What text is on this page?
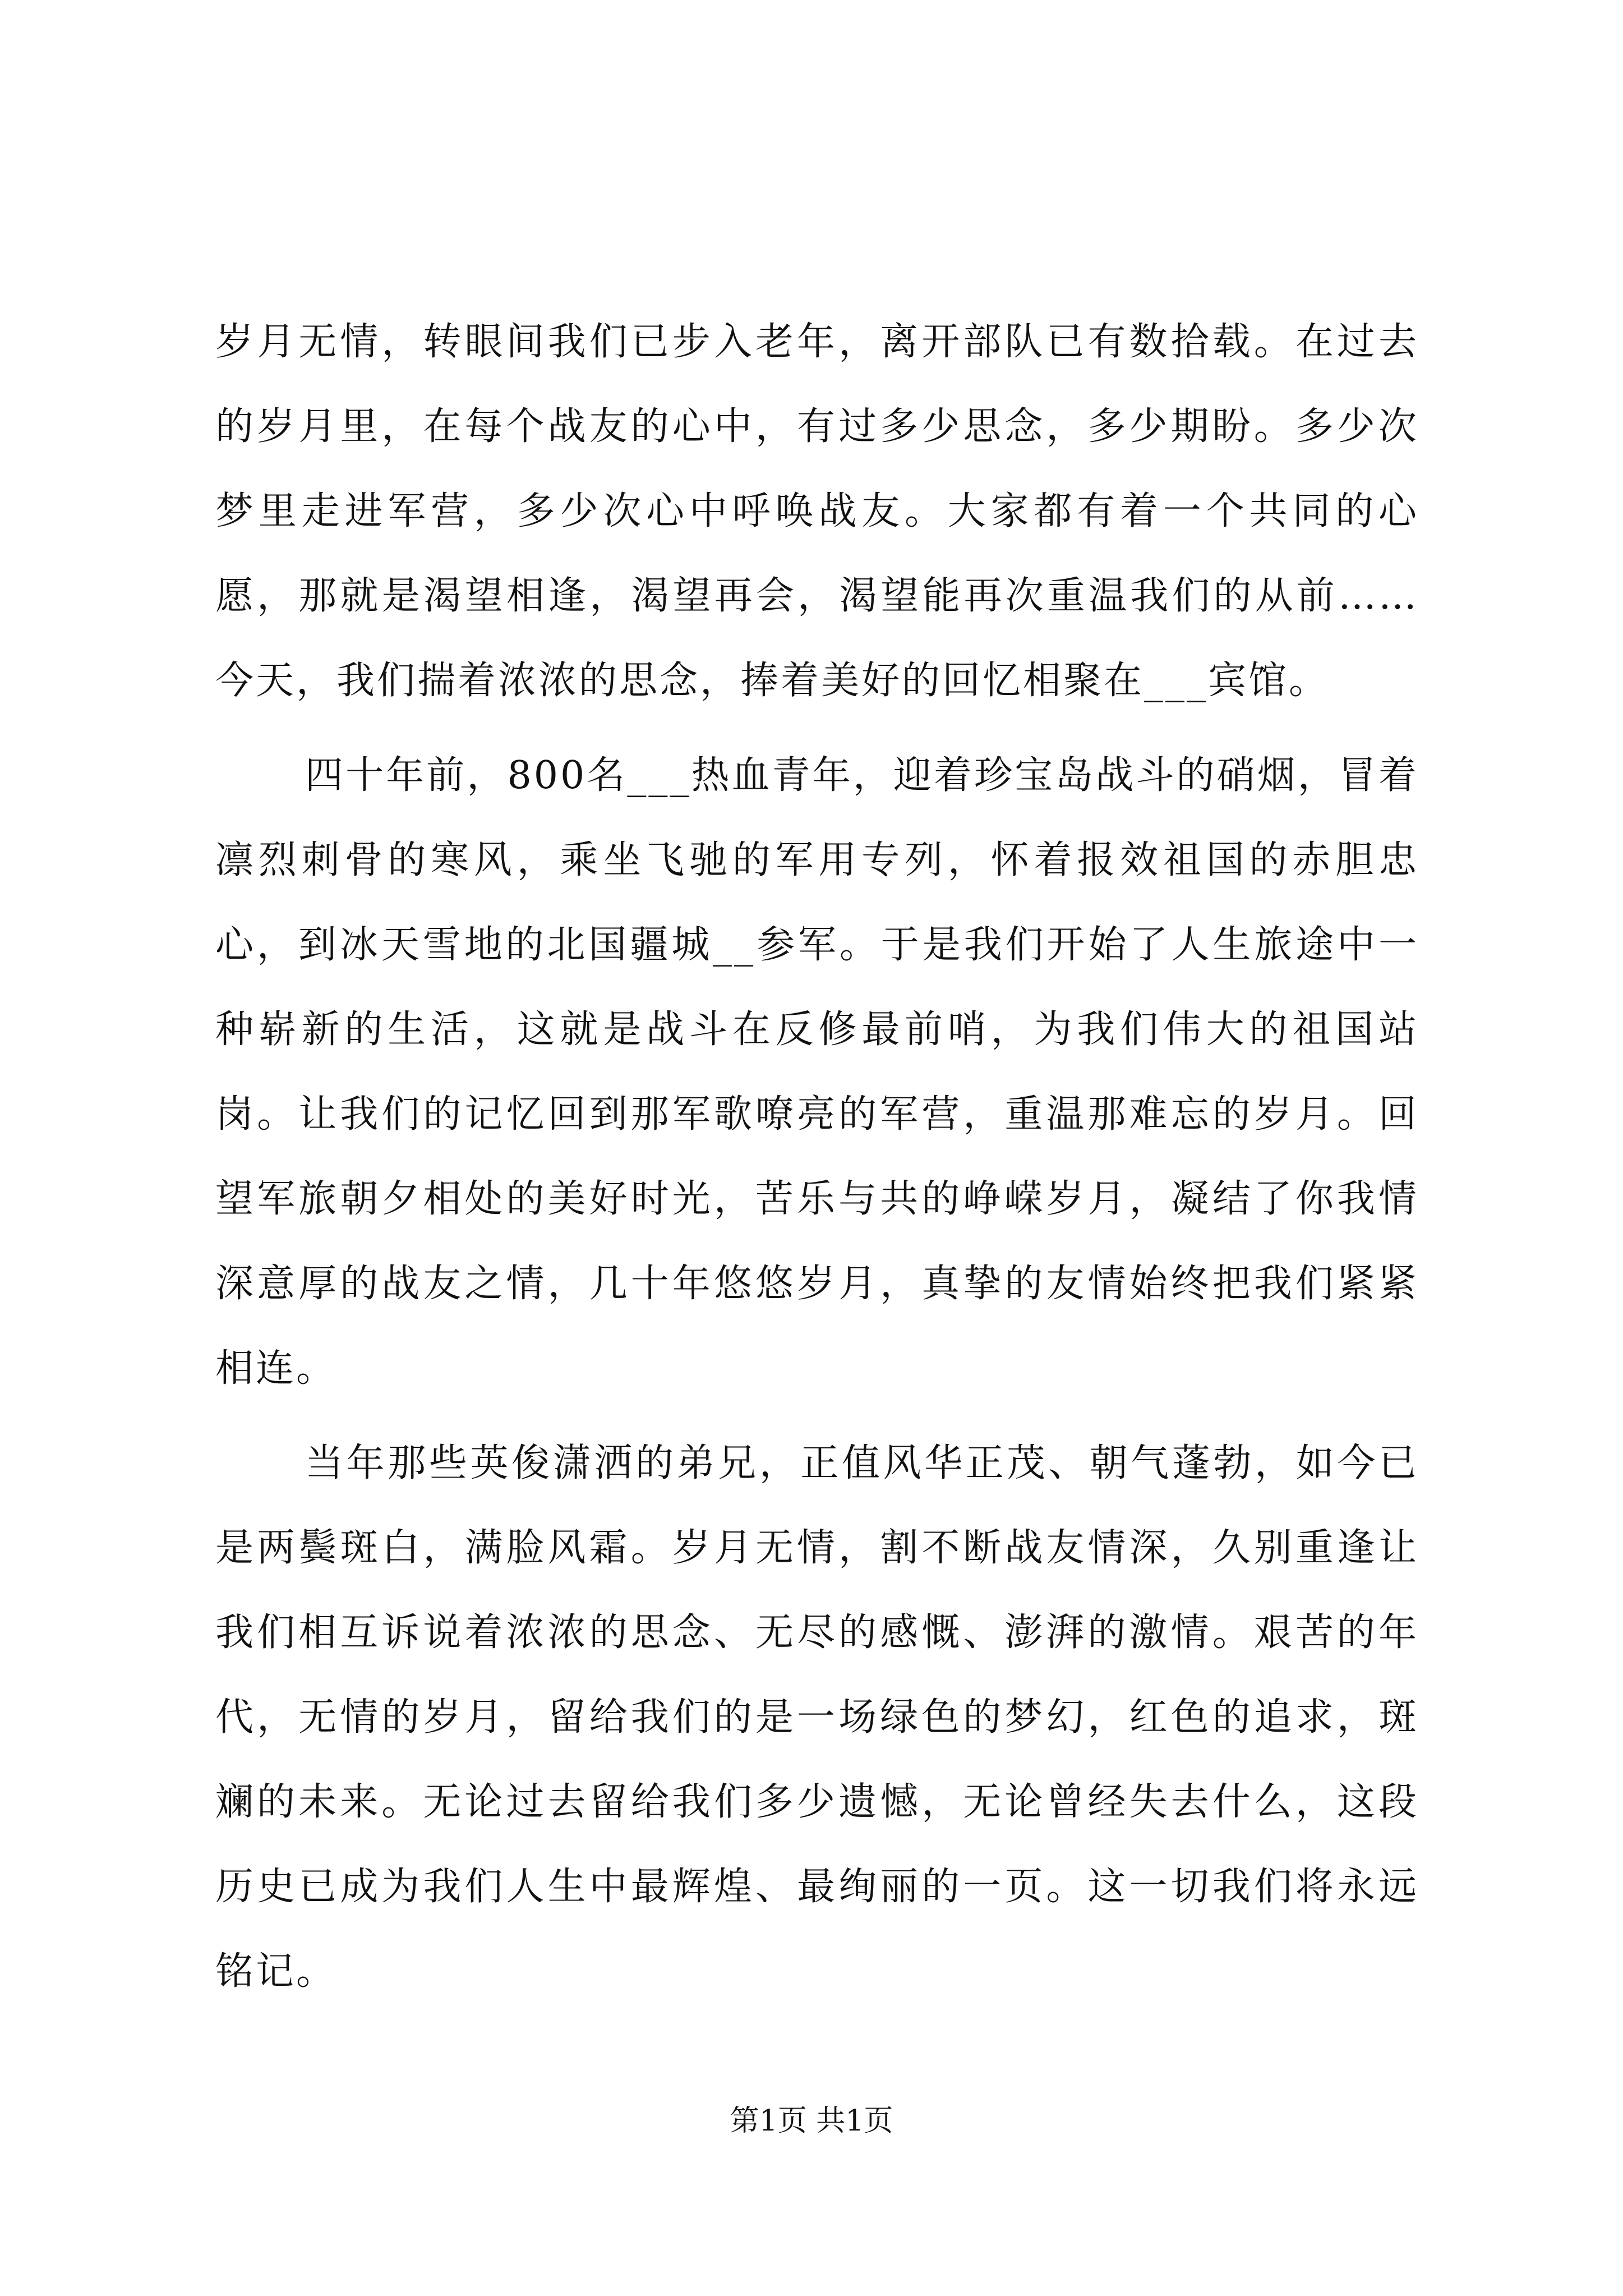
岁月无情，转眼间我们已步入老年，离开部队已有数拾载。在过去的岁月里，在每个战友的心中，有过多少思念，多少期盼。多少次梦里走进军营，多少次心中呼唤战友。大家都有着一个共同的心愿，那就是渴望相逢，渴望再会，渴望能再次重温我们的从前……今天，我们揣着浓浓的思念，捧着美好的回忆相聚在___宾馆。

四十年前，800名___热血青年，迎着珍宝岛战斗的硝烟，冒着凛烈刺骨的寒风，乘坐飞驰的军用专列，怀着报效祖国的赤胆忠心，到冰天雪地的北国疆城__参军。于是我们开始了人生旅途中一种崭新的生活，这就是战斗在反修最前哨，为我们伟大的祖国站岗。让我们的记忆回到那军歌嘹亮的军营，重温那难忘的岁月。回望军旅朝夕相处的美好时光，苦乐与共的峥嵘岁月，凝结了你我情深意厚的战友之情，几十年悠悠岁月，真挚的友情始终把我们紧紧相连。

当年那些英俊潇洒的弟兄，正值风华正茂、朝气蓬勃，如今已是两鬓斑白，满脸风霜。岁月无情，割不断战友情深，久别重逢让我们相互诉说着浓浓的思念、无尽的感慨、澎湃的激情。艰苦的年代，无情的岁月，留给我们的是一场绿色的梦幻，红色的追求，斑斓的未来。无论过去留给我们多少遗憾，无论曾经失去什么，这段历史已成为我们人生中最辉煌、最绚丽的一页。这一切我们将永远铭记。

第1页 共1页
